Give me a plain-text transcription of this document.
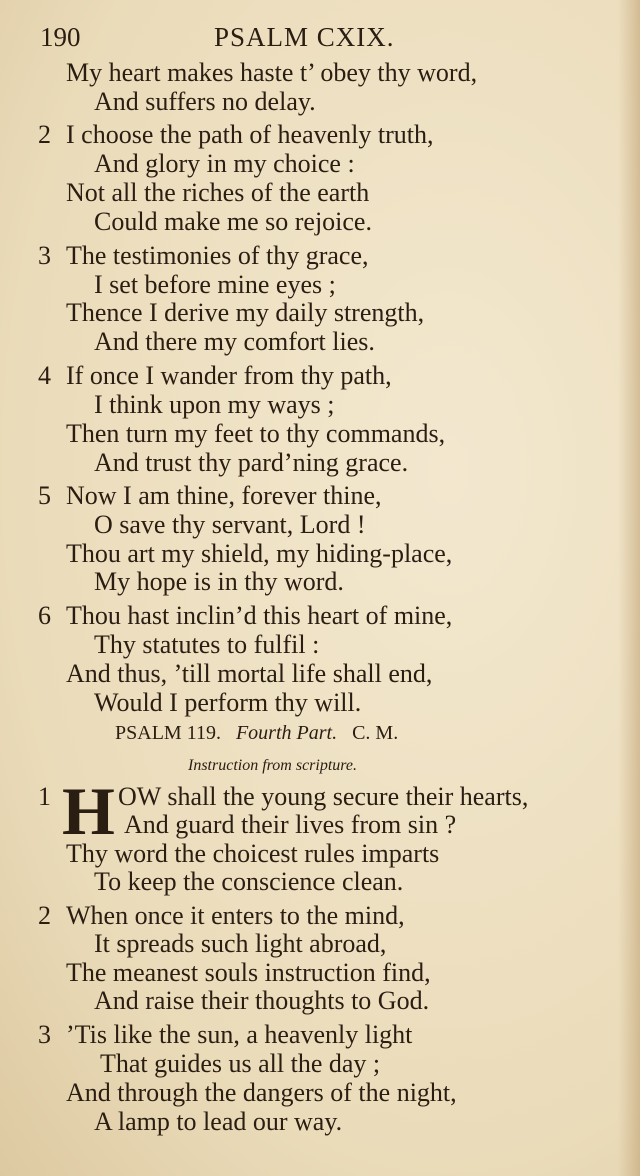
190	PSALM CXIX.
My heart makes haste t’ obey thy word,
And suffers no delay.
2 I choose the path of heavenly truth,
And glory in my choice :
Not all the riches of the earth
Could make me so rejoice.
3 The testimonies of thy grace,
I set before mine eyes ;
Thence I derive my daily strength,
And there my comfort lies.
4 If once I wander from thy path,
I think upon my ways ;
Then turn my feet to thy commands,
And trust thy pard’ning grace.
5 Now I am thine, forever thine,
O save thy servant, Lord !
Thou art my shield, my hiding-place,
My hope is in thy word.
6 Thou hast inclin’d this heart of mine,
Thy statutes to fulfil :
And thus, ’till mortal life shall end,
Would I perform thy will.
PSALM 119. Fourth Part. C. M.
Instruction from scripture.
1 H OW shall the young secure their hearts,
And guard their lives from sin ?
Thy word the choicest rules imparts
To keep the conscience clean.
2 When once it enters to the mind,
It spreads such light abroad,
The meanest souls instruction find,
And raise their thoughts to God.
3 ’Tis like the sun, a heavenly light
That guides us all the day ;
And through the dangers of the night,
A lamp to lead our way.
